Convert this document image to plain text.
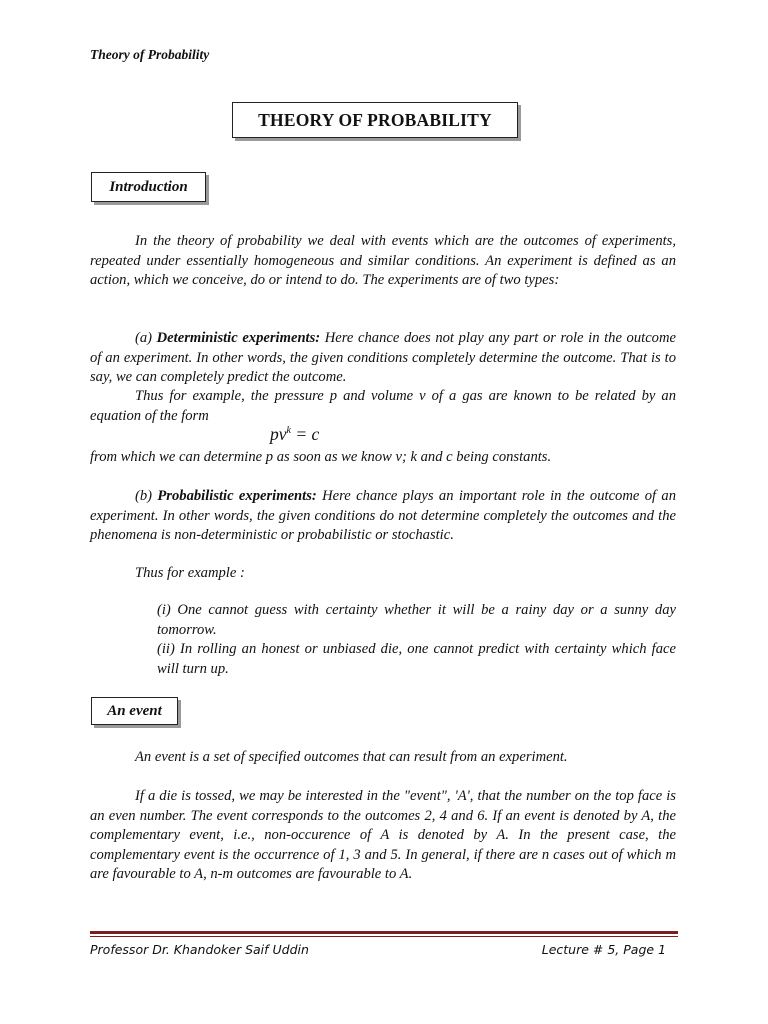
Theory of Probability
THEORY OF PROBABILITY
Introduction
In the theory of probability we deal with events which are the outcomes of experiments, repeated under essentially homogeneous and similar conditions. An experiment is defined as an action, which we conceive, do or intend to do. The experiments are of two types:
(a) Deterministic experiments: Here chance does not play any part or role in the outcome of an experiment. In other words, the given conditions completely determine the outcome. That is to say, we can completely predict the outcome.
Thus for example, the pressure p and volume v of a gas are known to be related by an equation of the form
$pv^k = c$
from which we can determine p as soon as we know v; k and c being constants.
(b) Probabilistic experiments: Here chance plays an important role in the outcome of an experiment. In other words, the given conditions do not determine completely the outcomes and the phenomena is non-deterministic or probabilistic or stochastic.
Thus for example :
(i) One cannot guess with certainty whether it will be a rainy day or a sunny day tomorrow.
(ii) In rolling an honest or unbiased die, one cannot predict with certainty which face will turn up.
An event
An event is a set of specified outcomes that can result from an experiment.
If a die is tossed, we may be interested in the "event", 'A', that the number on the top face is an even number. The event corresponds to the outcomes 2, 4 and 6. If an event is denoted by A, the complementary event, i.e., non-occurence of A is denoted by A. In the present case, the complementary event is the occurrence of 1, 3 and 5. In general, if there are n cases out of which m are favourable to A, n-m outcomes are favourable to A.
Professor Dr. Khandoker Saif Uddin	Lecture # 5, Page 1
